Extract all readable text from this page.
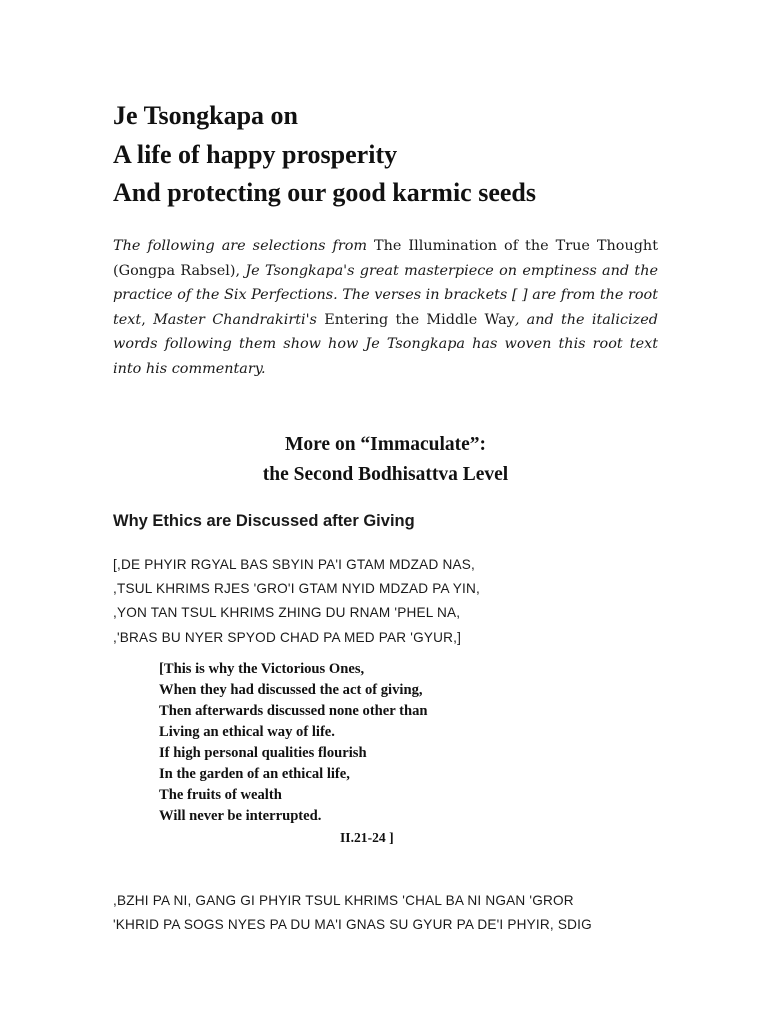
Je Tsongkapa on
A life of happy prosperity
And protecting our good karmic seeds

The following are selections from The Illumination of the True Thought (Gongpa Rabsel), Je Tsongkapa's great masterpiece on emptiness and the practice of the Six Perfections. The verses in brackets [ ] are from the root text, Master Chandrakirti's Entering the Middle Way, and the italicized words following them show how Je Tsongkapa has woven this root text into his commentary.

More on “Immaculate”:
the Second Bodhisattva Level
Why Ethics are Discussed after Giving
[,DE PHYIR RGYAL BAS SBYIN PA'I GTAM MDZAD NAS,
,TSUL KHRIMS RJES 'GRO'I GTAM NYID MDZAD PA YIN,
,YON TAN TSUL KHRIMS ZHING DU RNAM 'PHEL NA,
,'BRAS BU NYER SPYOD CHAD PA MED PAR 'GYUR,]
[This is why the Victorious Ones,
When they had discussed the act of giving,
Then afterwards discussed none other than
Living an ethical way of life.
If high personal qualities flourish
In the garden of an ethical life,
The fruits of wealth
Will never be interrupted.
II.21-24 ]
,BZHI PA NI, GANG GI PHYIR TSUL KHRIMS 'CHAL BA NI NGAN 'GROR
'KHRID PA SOGS NYES PA DU MA'I GNAS SU GYUR PA DE'I PHYIR, SDIG
